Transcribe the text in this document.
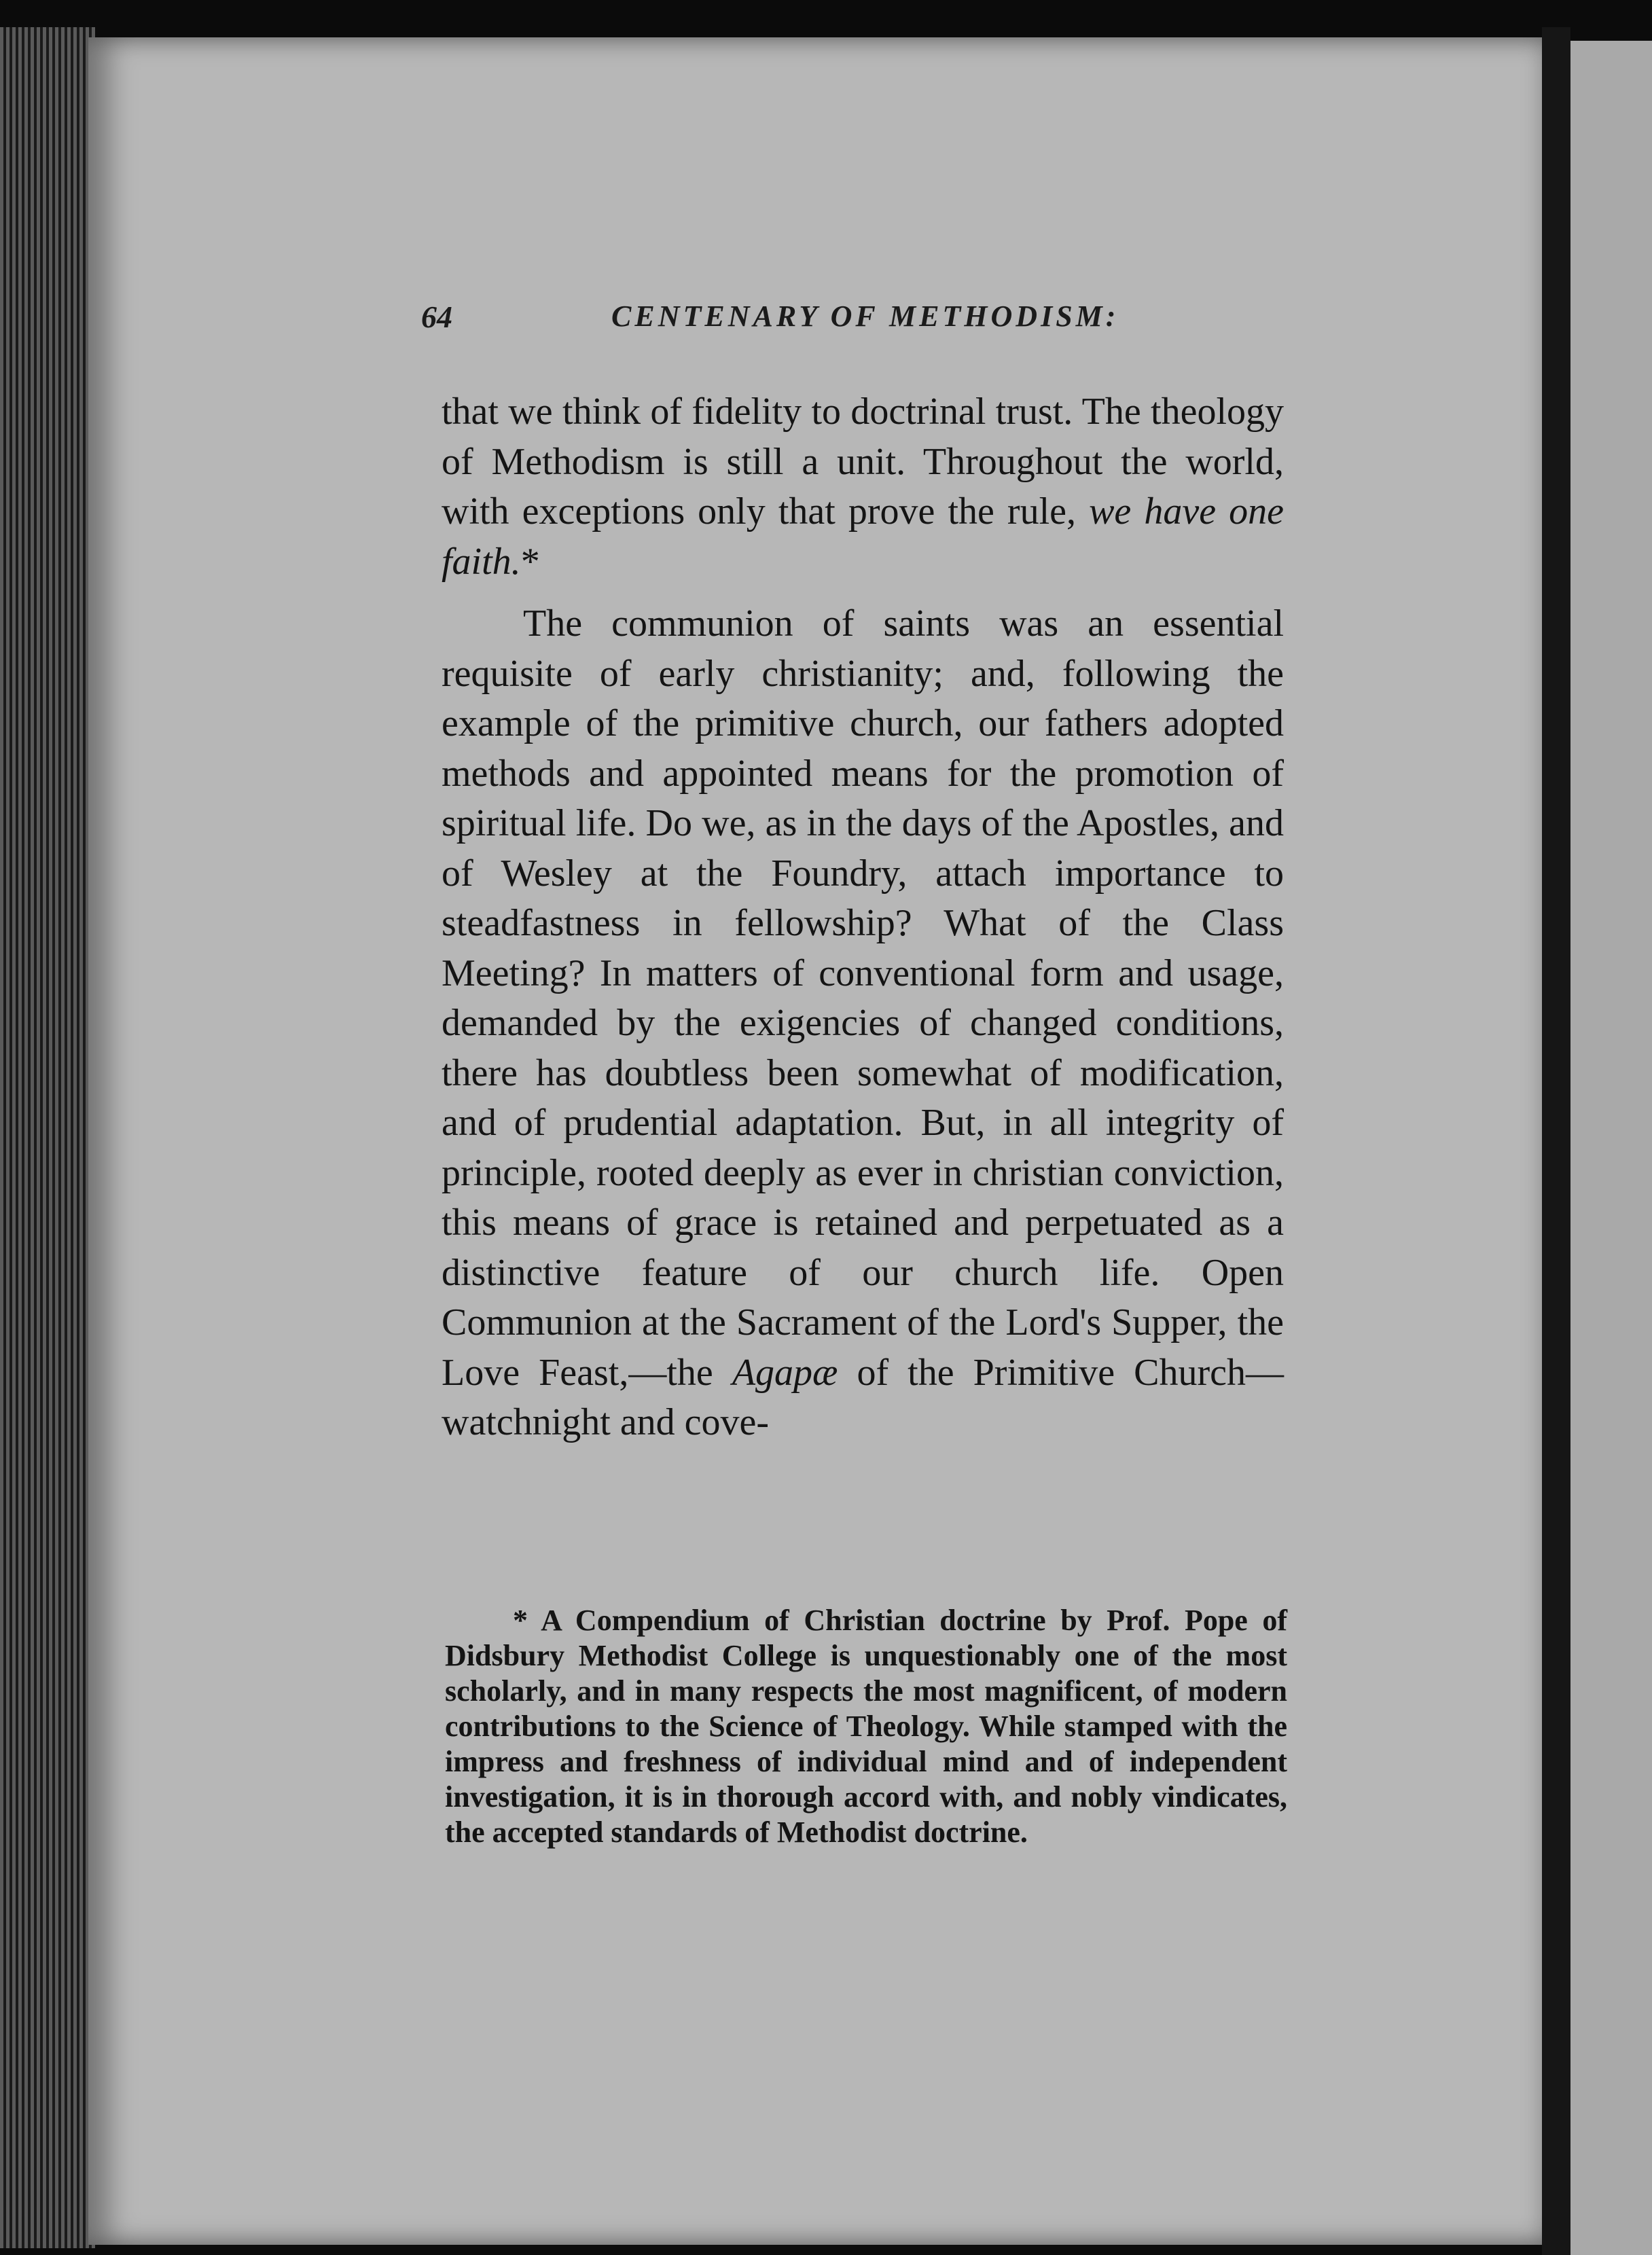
64	CENTENARY OF METHODISM:

that we think of fidelity to doctrinal trust. The theology of Methodism is still a unit. Throughout the world, with exceptions only that prove the rule, we have one faith.*

The communion of saints was an essential requisite of early christianity; and, following the example of the primitive church, our fathers adopted methods and appointed means for the promotion of spiritual life. Do we, as in the days of the Apostles, and of Wesley at the Foundry, attach importance to steadfastness in fellowship? What of the Class Meeting? In matters of conventional form and usage, demanded by the exigencies of changed conditions, there has doubtless been somewhat of modification, and of prudential adaptation. But, in all integrity of principle, rooted deeply as ever in christian conviction, this means of grace is retained and perpetuated as a distinctive feature of our church life. Open Communion at the Sacrament of the Lord's Supper, the Love Feast,—the Agapæ of the Primitive Church—watchnight and cove-

* A Compendium of Christian doctrine by Prof. Pope of Didsbury Methodist College is unquestionably one of the most scholarly, and in many respects the most magnificent, of modern contributions to the Science of Theology. While stamped with the impress and freshness of individual mind and of independent investigation, it is in thorough accord with, and nobly vindicates, the accepted standards of Methodist doctrine.
